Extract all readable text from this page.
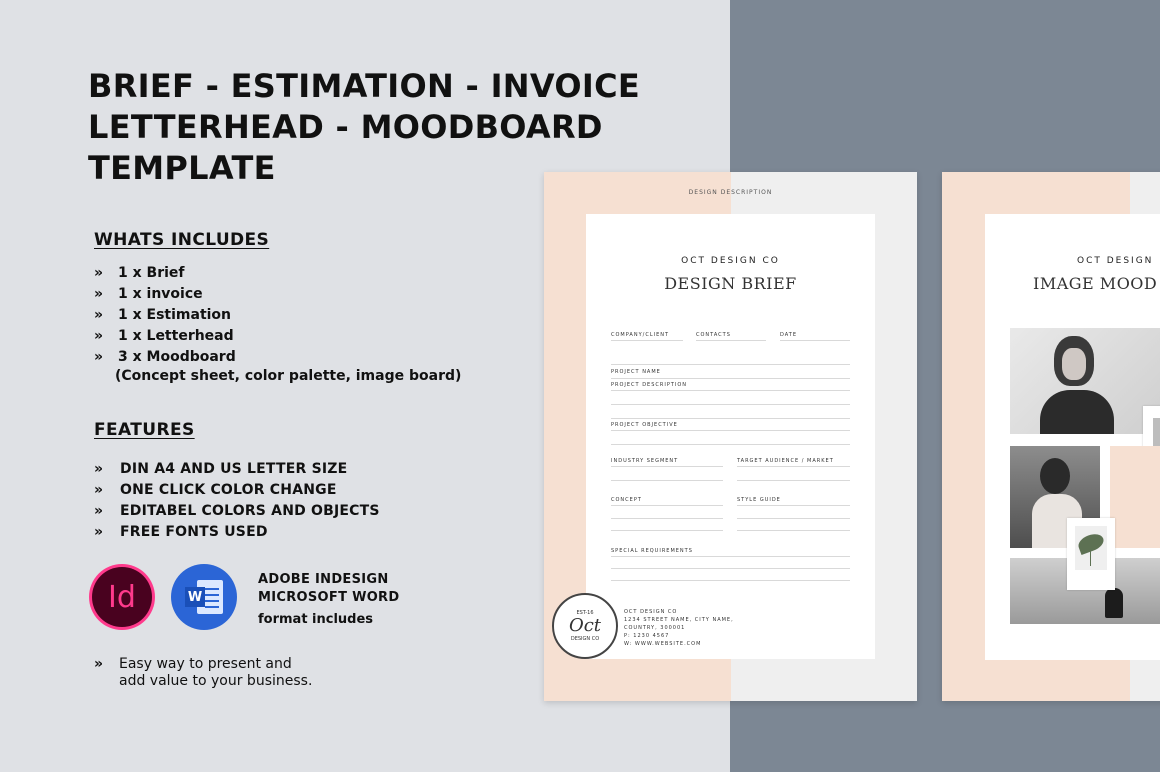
BRIEF - ESTIMATION - INVOICE
LETTERHEAD - MOODBOARD
TEMPLATE
WHATS INCLUDES
»	1 x Brief
»	1 x invoice
»	1 x Estimation
»	1 x Letterhead
»	3 x Moodboard
(Concept sheet, color palette, image board)
FEATURES
»	DIN A4 AND US LETTER SIZE
»	ONE CLICK COLOR CHANGE
»	EDITABEL COLORS AND OBJECTS
»	FREE FONTS USED
Id	W
ADOBE INDESIGN
MICROSOFT WORD
format includes
»	Easy way to present and
add value to your business.
DESIGN DESCRIPTION
OCT DESIGN CO
DESIGN BRIEF
COMPANY/CLIENT	CONTACTS	DATE
PROJECT NAME
PROJECT DESCRIPTION
PROJECT OBJECTIVE
INDUSTRY SEGMENT	TARGET AUDIENCE / MARKET
CONCEPT	STYLE GUIDE
SPECIAL REQUIREMENTS
EST-16
Oct
DESIGN CO
OCT DESIGN CO
1234 STREET NAME, CITY NAME,
COUNTRY, 300001
P: 1230 4567
W: WWW.WEBSITE.COM
OCT DESIGN
IMAGE MOOD
